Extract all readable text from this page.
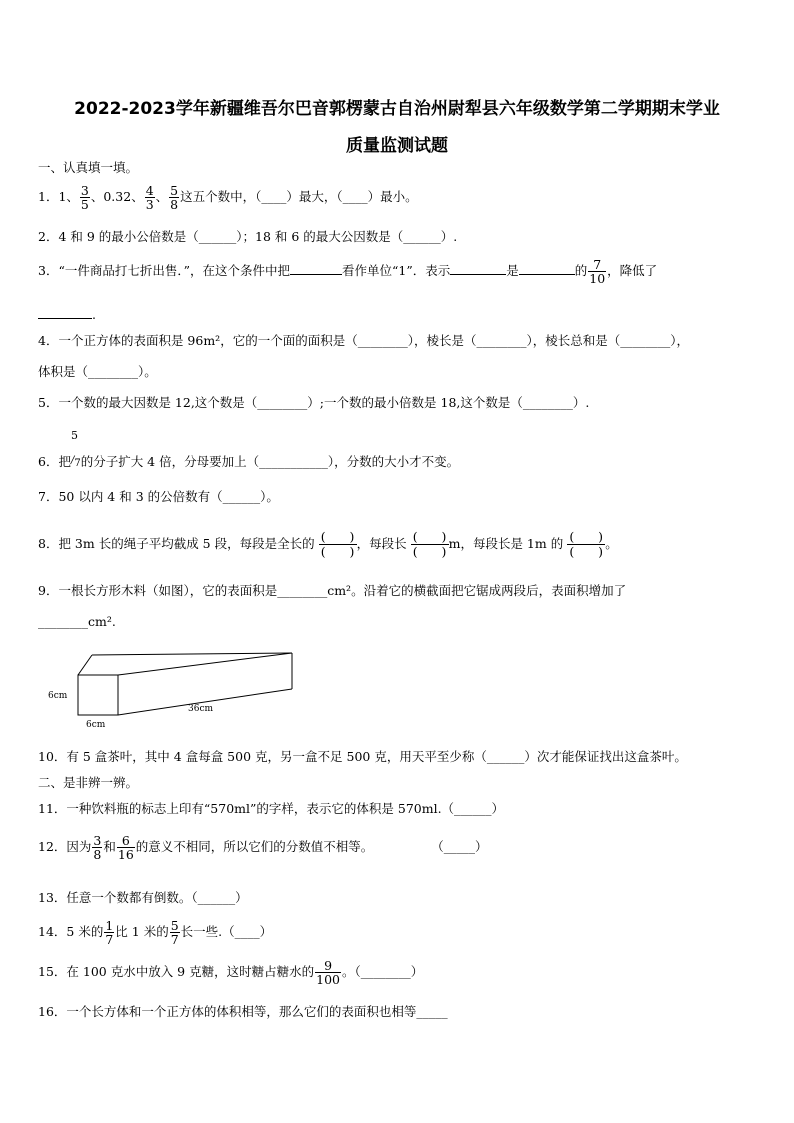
2022-2023学年新疆维吾尔巴音郭楞蒙古自治州尉犁县六年级数学第二学期期末学业
质量监测试题
一、认真填一填。
1．1、 $\frac{3}{5}$ 、0.32、 $\frac{4}{3}$ 、 $\frac{5}{8}$ 这五个数中，（____）最大，（____）最小。
2．4 和 9 的最小公倍数是（______）；18 和 6 的最大公因数是（______）.
3．“一件商品打七折出售．”，在这个条件中把	看作单位“1”．表示	是	的 $\frac{7}{10}$ ，降低了
.
4．一个正方体的表面积是 96m²，它的一个面的面积是（________），棱长是（________），棱长总和是（________），
体积是（________）。
5．一个数的最大因数是 12,这个数是（________）;一个数的最小倍数是 18,这个数是（________）.
5
6．把/7的分子扩大 4 倍，分母要加上（___________），分数的大小才不变。
7．50 以内 4 和 3 的公倍数有（______）。
8．把 3m 长的绳子平均截成 5 段，每段是全长的 ( )
( )
，每段长 ( )
( )
m，每段长是 1m 的 ( )
( )
。
9．一根长方形木料（如图），它的表面积是________cm²。沿着它的横截面把它锯成两段后，表面积增加了
________cm².
6cm
6cm
36cm
10．有 5 盒茶叶，其中 4 盒每盒 500 克，另一盒不足 500 克，用天平至少称（______）次才能保证找出这盒茶叶。
二、是非辨一辨。
11．一种饮料瓶的标志上印有“570ml”的字样，表示它的体积是 570ml.（______）
12．因为 $\frac{3}{8}$ 和 $\frac{6}{16}$ 的意义不相同，所以它们的分数值不相等。	（_____）
13．任意一个数都有倒数。（______）
14．5 米的 $\frac{1}{7}$ 比 1 米的 $\frac{5}{7}$ 长一些.（____）
15．在 100 克水中放入 9 克糖，这时糖占糖水的 $\frac{9}{100}$ 。（________）
16．一个长方体和一个正方体的体积相等，那么它们的表面积也相等_____
